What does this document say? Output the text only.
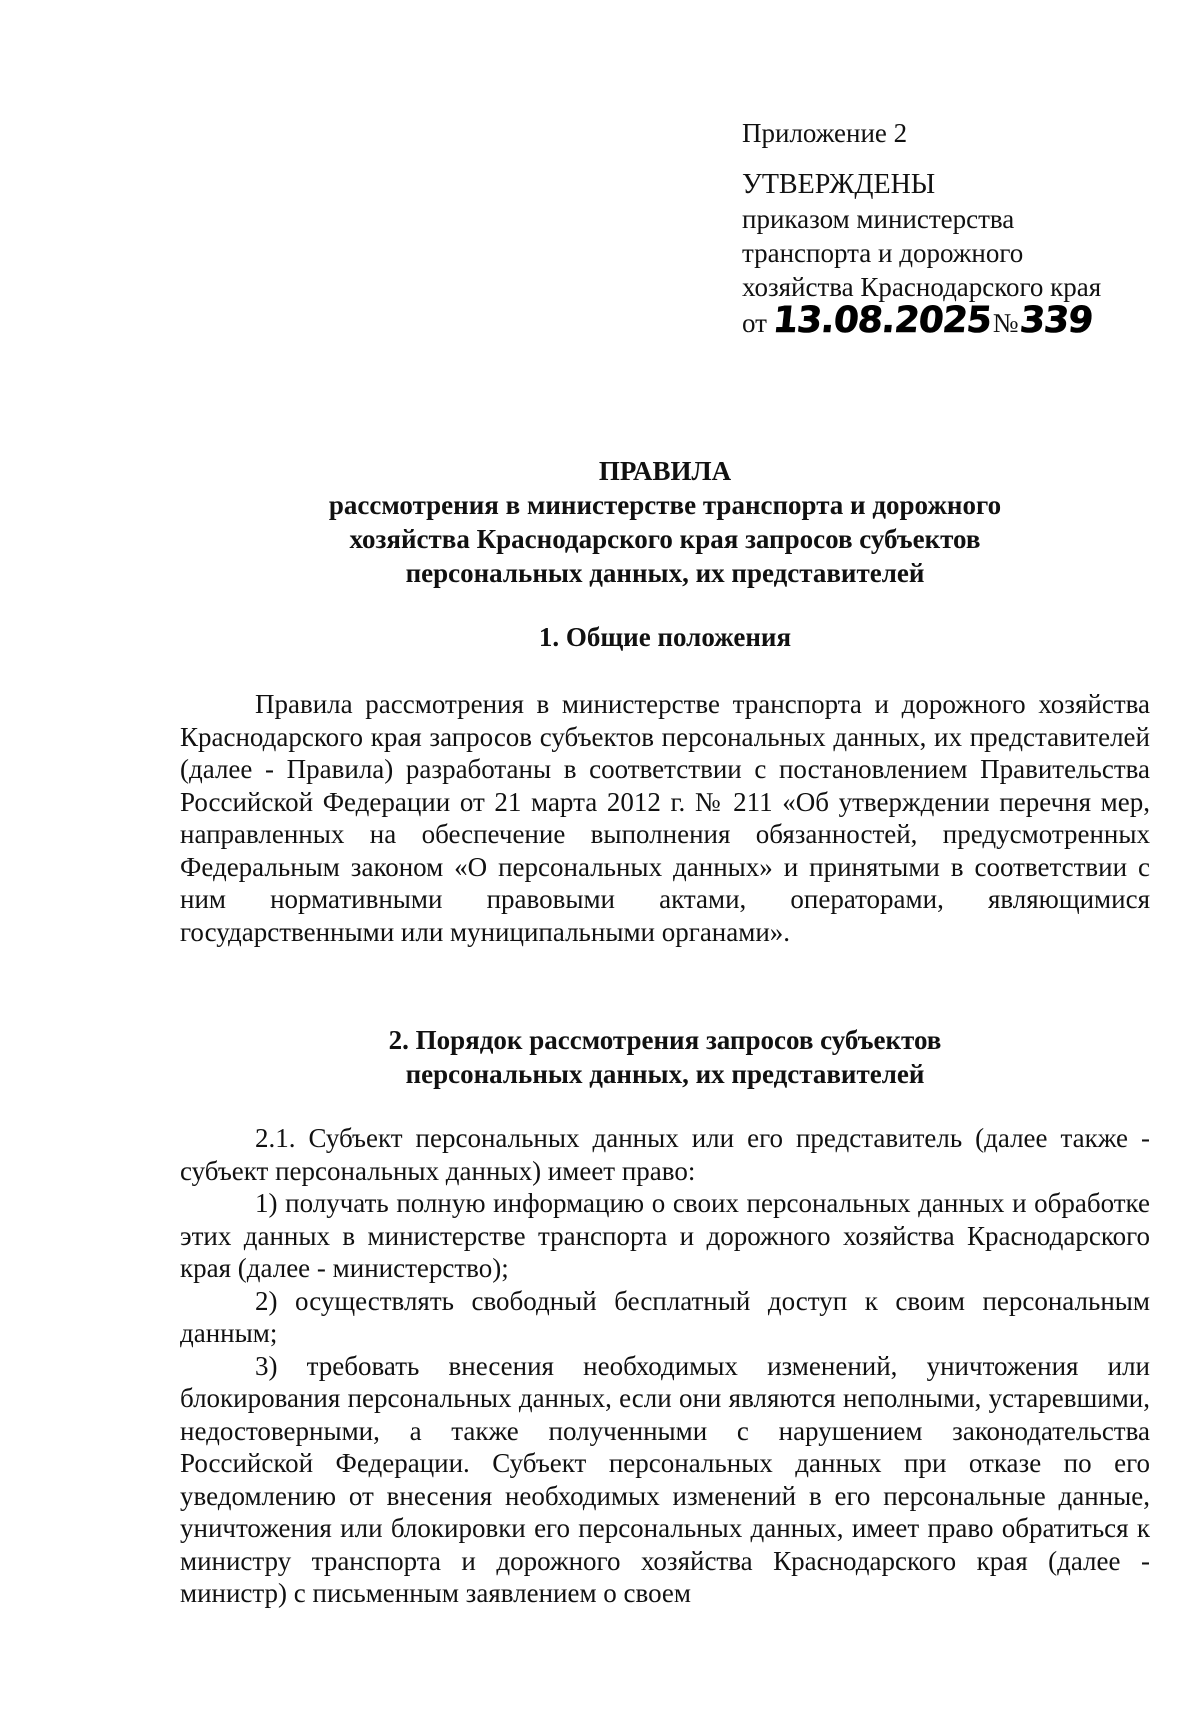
Приложение 2
УТВЕРЖДЕНЫ
приказом министерства
транспорта и дорожного
хозяйства Краснодарского края
от 13.08.2025 № 339
ПРАВИЛА
рассмотрения в министерстве транспорта и дорожного
хозяйства Краснодарского края запросов субъектов
персональных данных, их представителей
1. Общие положения

Правила рассмотрения в министерстве транспорта и дорожного хозяйства Краснодарского края запросов субъектов персональных данных, их представителей (далее - Правила) разработаны в соответствии с постановлением Правительства Российской Федерации от 21 марта 2012 г. № 211 «Об утверждении перечня мер, направленных на обеспечение выполнения обязанностей, предусмотренных Федеральным законом «О персональных данных» и принятыми в соответствии с ним нормативными правовыми актами, операторами, являющимися государственными или муниципальными органами».

2. Порядок рассмотрения запросов субъектов
персональных данных, их представителей

2.1. Субъект персональных данных или его представитель (далее также - субъект персональных данных) имеет право:

1) получать полную информацию о своих персональных данных и обработке этих данных в министерстве транспорта и дорожного хозяйства Краснодарского края (далее - министерство);

2) осуществлять свободный бесплатный доступ к своим персональным данным;

3) требовать внесения необходимых изменений, уничтожения или блокирования персональных данных, если они являются неполными, устаревшими, недостоверными, а также полученными с нарушением законодательства Российской Федерации. Субъект персональных данных при отказе по его уведомлению от внесения необходимых изменений в его персональные данные, уничтожения или блокировки его персональных данных, имеет право обратиться к министру транспорта и дорожного хозяйства Краснодарского края (далее - министр) с письменным заявлением о своем
